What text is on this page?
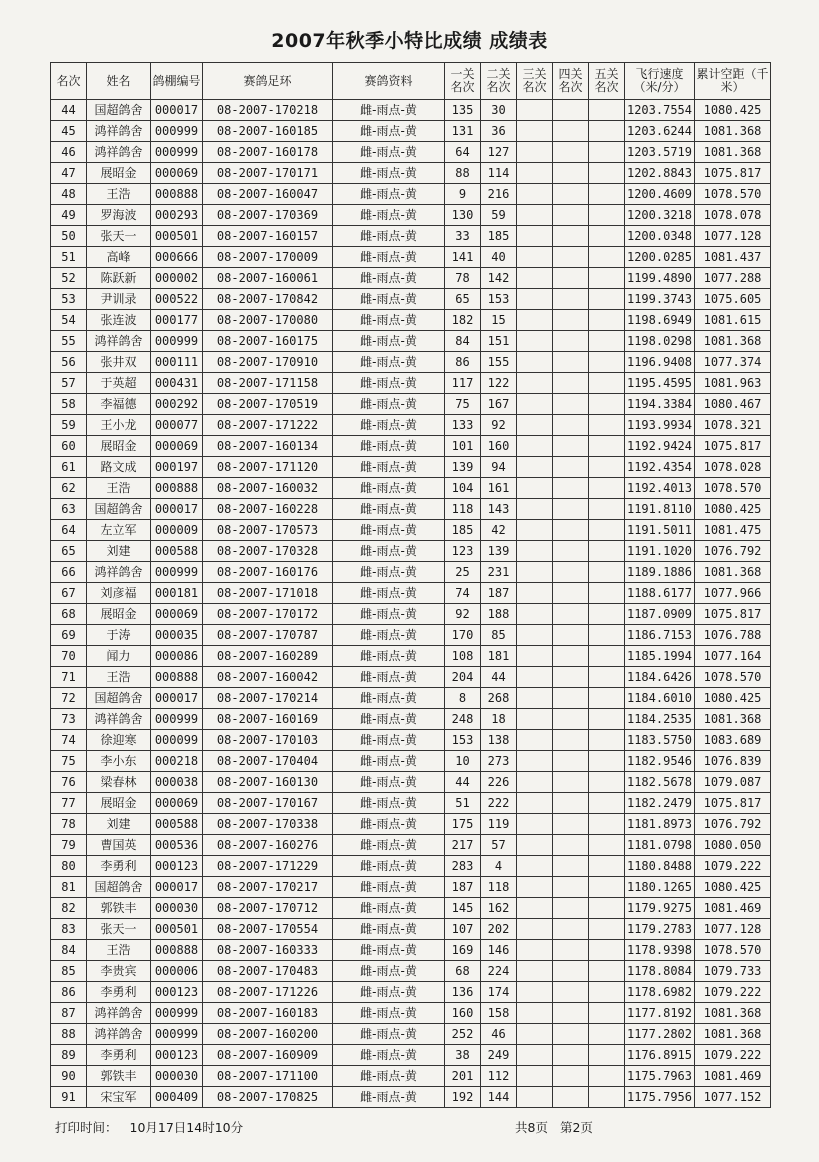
2007年秋季小特比成绩 成绩表
名次	姓名	鸽棚编号	赛鸽足环	赛鸽资料	一关名次	二关名次	三关名次	四关名次	五关名次	飞行速度（米/分）	累计空距（千米）
44	国超鸽舍	000017	08-2007-170218	雌-雨点-黄	135	30				1203.7554	1080.425
45	鸿祥鸽舍	000999	08-2007-160185	雌-雨点-黄	131	36				1203.6244	1081.368
46	鸿祥鸽舍	000999	08-2007-160178	雌-雨点-黄	64	127				1203.5719	1081.368
47	展昭金	000069	08-2007-170171	雌-雨点-黄	88	114				1202.8843	1075.817
48	王浩	000888	08-2007-160047	雌-雨点-黄	9	216				1200.4609	1078.570
49	罗海波	000293	08-2007-170369	雌-雨点-黄	130	59				1200.3218	1078.078
50	张天一	000501	08-2007-160157	雌-雨点-黄	33	185				1200.0348	1077.128
51	高峰	000666	08-2007-170009	雌-雨点-黄	141	40				1200.0285	1081.437
52	陈跃新	000002	08-2007-160061	雌-雨点-黄	78	142				1199.4890	1077.288
53	尹训录	000522	08-2007-170842	雌-雨点-黄	65	153				1199.3743	1075.605
54	张连波	000177	08-2007-170080	雌-雨点-黄	182	15				1198.6949	1081.615
55	鸿祥鸽舍	000999	08-2007-160175	雌-雨点-黄	84	151				1198.0298	1081.368
56	张井双	000111	08-2007-170910	雌-雨点-黄	86	155				1196.9408	1077.374
57	于英超	000431	08-2007-171158	雌-雨点-黄	117	122				1195.4595	1081.963
58	李福德	000292	08-2007-170519	雌-雨点-黄	75	167				1194.3384	1080.467
59	王小龙	000077	08-2007-171222	雌-雨点-黄	133	92				1193.9934	1078.321
60	展昭金	000069	08-2007-160134	雌-雨点-黄	101	160				1192.9424	1075.817
61	路文成	000197	08-2007-171120	雌-雨点-黄	139	94				1192.4354	1078.028
62	王浩	000888	08-2007-160032	雌-雨点-黄	104	161				1192.4013	1078.570
63	国超鸽舍	000017	08-2007-160228	雌-雨点-黄	118	143				1191.8110	1080.425
64	左立军	000009	08-2007-170573	雌-雨点-黄	185	42				1191.5011	1081.475
65	刘建	000588	08-2007-170328	雌-雨点-黄	123	139				1191.1020	1076.792
66	鸿祥鸽舍	000999	08-2007-160176	雌-雨点-黄	25	231				1189.1886	1081.368
67	刘彦福	000181	08-2007-171018	雌-雨点-黄	74	187				1188.6177	1077.966
68	展昭金	000069	08-2007-170172	雌-雨点-黄	92	188				1187.0909	1075.817
69	于涛	000035	08-2007-170787	雌-雨点-黄	170	85				1186.7153	1076.788
70	闻力	000086	08-2007-160289	雌-雨点-黄	108	181				1185.1994	1077.164
71	王浩	000888	08-2007-160042	雌-雨点-黄	204	44				1184.6426	1078.570
72	国超鸽舍	000017	08-2007-170214	雌-雨点-黄	8	268				1184.6010	1080.425
73	鸿祥鸽舍	000999	08-2007-160169	雌-雨点-黄	248	18				1184.2535	1081.368
74	徐迎寒	000099	08-2007-170103	雌-雨点-黄	153	138				1183.5750	1083.689
75	李小东	000218	08-2007-170404	雌-雨点-黄	10	273				1182.9546	1076.839
76	梁春林	000038	08-2007-160130	雌-雨点-黄	44	226				1182.5678	1079.087
77	展昭金	000069	08-2007-170167	雌-雨点-黄	51	222				1182.2479	1075.817
78	刘建	000588	08-2007-170338	雌-雨点-黄	175	119				1181.8973	1076.792
79	曹国英	000536	08-2007-160276	雌-雨点-黄	217	57				1181.0798	1080.050
80	李勇利	000123	08-2007-171229	雌-雨点-黄	283	4				1180.8488	1079.222
81	国超鸽舍	000017	08-2007-170217	雌-雨点-黄	187	118				1180.1265	1080.425
82	郭铁丰	000030	08-2007-170712	雌-雨点-黄	145	162				1179.9275	1081.469
83	张天一	000501	08-2007-170554	雌-雨点-黄	107	202				1179.2783	1077.128
84	王浩	000888	08-2007-160333	雌-雨点-黄	169	146				1178.9398	1078.570
85	李贵宾	000006	08-2007-170483	雌-雨点-黄	68	224				1178.8084	1079.733
86	李勇利	000123	08-2007-171226	雌-雨点-黄	136	174				1178.6982	1079.222
87	鸿祥鸽舍	000999	08-2007-160183	雌-雨点-黄	160	158				1177.8192	1081.368
88	鸿祥鸽舍	000999	08-2007-160200	雌-雨点-黄	252	46				1177.2802	1081.368
89	李勇利	000123	08-2007-160909	雌-雨点-黄	38	249				1176.8915	1079.222
90	郭铁丰	000030	08-2007-171100	雌-雨点-黄	201	112				1175.7963	1081.469
91	宋宝军	000409	08-2007-170825	雌-雨点-黄	192	144				1175.7956	1077.152
打印时间： 10月17日14时10分	共8页 第2页
